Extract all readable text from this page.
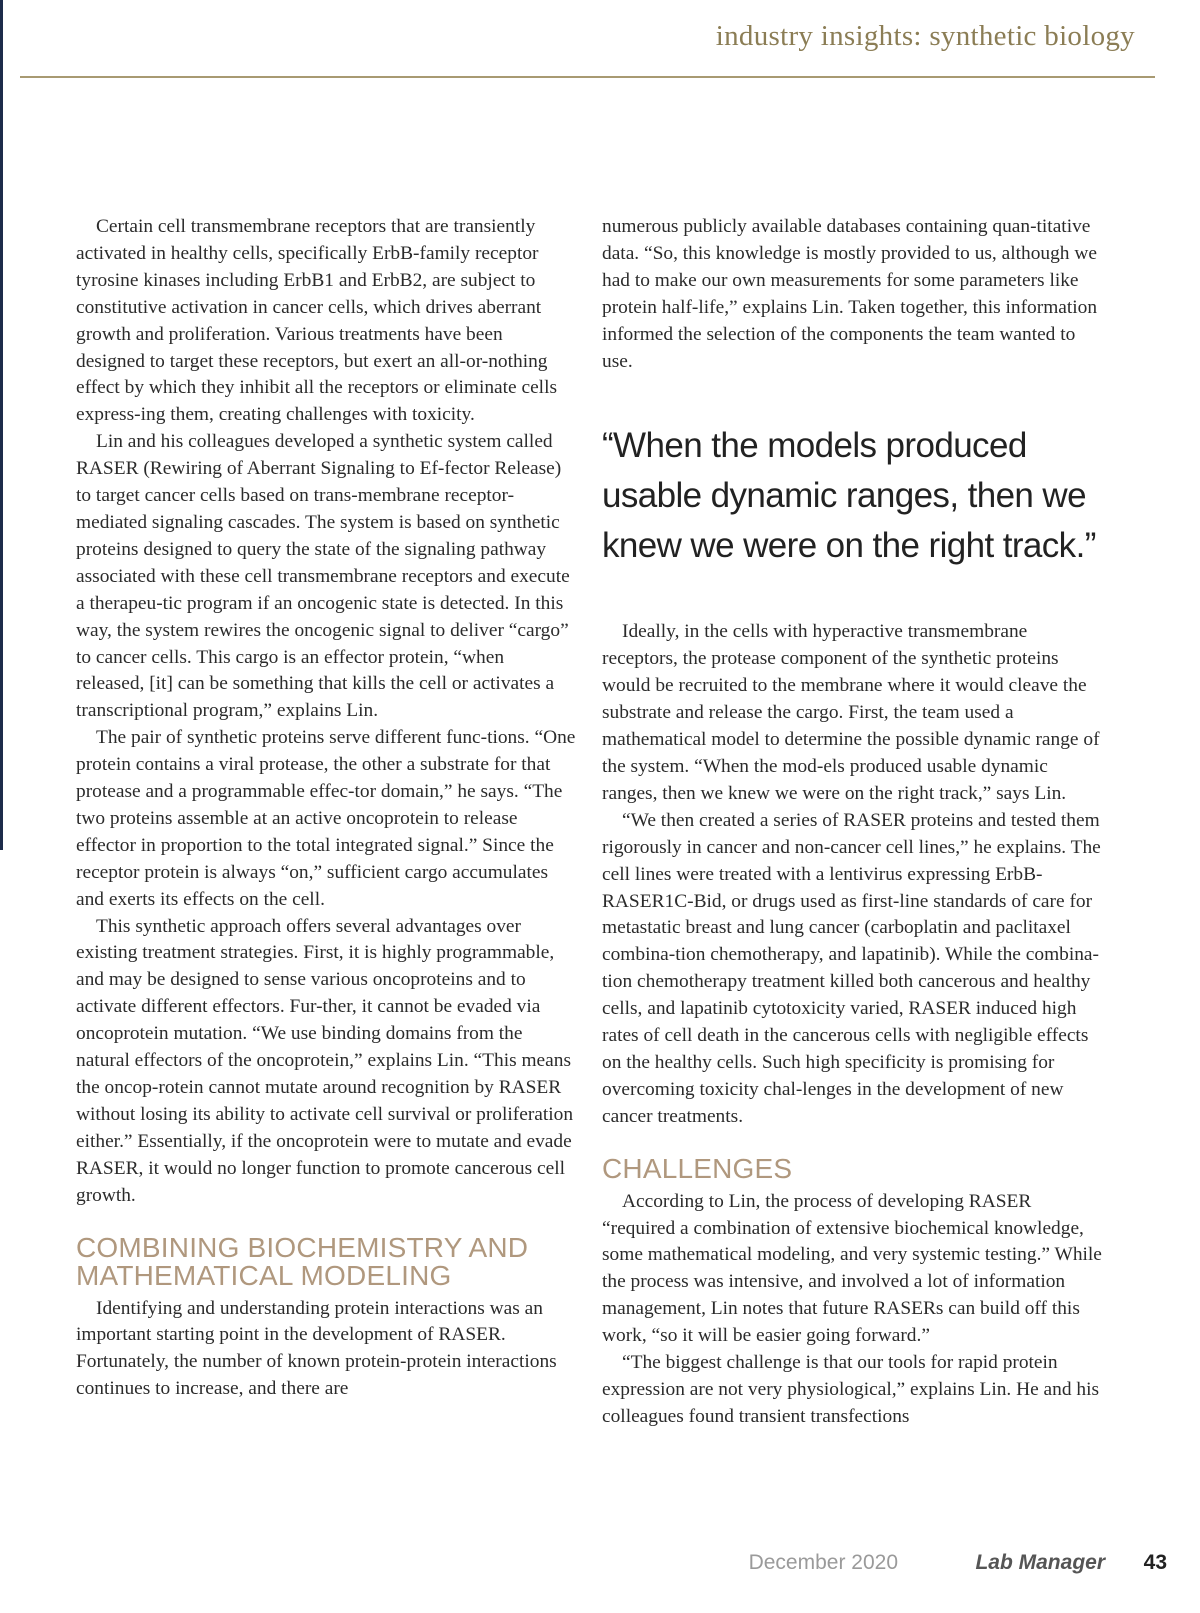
industry insights: synthetic biology

Certain cell transmembrane receptors that are transiently activated in healthy cells, specifically ErbB-family receptor tyrosine kinases including ErbB1 and ErbB2, are subject to constitutive activation in cancer cells, which drives aberrant growth and proliferation. Various treatments have been designed to target these receptors, but exert an all-or-nothing effect by which they inhibit all the receptors or eliminate cells express-ing them, creating challenges with toxicity.

Lin and his colleagues developed a synthetic system called RASER (Rewiring of Aberrant Signaling to Ef-fector Release) to target cancer cells based on trans-membrane receptor-mediated signaling cascades. The system is based on synthetic proteins designed to query the state of the signaling pathway associated with these cell transmembrane receptors and execute a therapeu-tic program if an oncogenic state is detected. In this way, the system rewires the oncogenic signal to deliver “cargo” to cancer cells. This cargo is an effector protein, “when released, [it] can be something that kills the cell or activates a transcriptional program,” explains Lin.

The pair of synthetic proteins serve different func-tions. “One protein contains a viral protease, the other a substrate for that protease and a programmable effec-tor domain,” he says. “The two proteins assemble at an active oncoprotein to release effector in proportion to the total integrated signal.” Since the receptor protein is always “on,” sufficient cargo accumulates and exerts its effects on the cell.

This synthetic approach offers several advantages over existing treatment strategies. First, it is highly programmable, and may be designed to sense various oncoproteins and to activate different effectors. Fur-ther, it cannot be evaded via oncoprotein mutation. “We use binding domains from the natural effectors of the oncoprotein,” explains Lin. “This means the oncop-rotein cannot mutate around recognition by RASER without losing its ability to activate cell survival or proliferation either.” Essentially, if the oncoprotein were to mutate and evade RASER, it would no longer function to promote cancerous cell growth.

COMBINING BIOCHEMISTRY AND MATHEMATICAL MODELING

Identifying and understanding protein interactions was an important starting point in the development of RASER. Fortunately, the number of known protein-protein interactions continues to increase, and there are

numerous publicly available databases containing quan-titative data. “So, this knowledge is mostly provided to us, although we had to make our own measurements for some parameters like protein half-life,” explains Lin. Taken together, this information informed the selection of the components the team wanted to use.

“When the models produced usable dynamic ranges, then we knew we were on the right track.”

Ideally, in the cells with hyperactive transmembrane receptors, the protease component of the synthetic proteins would be recruited to the membrane where it would cleave the substrate and release the cargo. First, the team used a mathematical model to determine the possible dynamic range of the system. “When the mod-els produced usable dynamic ranges, then we knew we were on the right track,” says Lin.

“We then created a series of RASER proteins and tested them rigorously in cancer and non-cancer cell lines,” he explains. The cell lines were treated with a lentivirus expressing ErbB-RASER1C-Bid, or drugs used as first-line standards of care for metastatic breast and lung cancer (carboplatin and paclitaxel combina-tion chemotherapy, and lapatinib). While the combina-tion chemotherapy treatment killed both cancerous and healthy cells, and lapatinib cytotoxicity varied, RASER induced high rates of cell death in the cancerous cells with negligible effects on the healthy cells. Such high specificity is promising for overcoming toxicity chal-lenges in the development of new cancer treatments.

CHALLENGES

According to Lin, the process of developing RASER “required a combination of extensive biochemical knowledge, some mathematical modeling, and very systemic testing.” While the process was intensive, and involved a lot of information management, Lin notes that future RASERs can build off this work, “so it will be easier going forward.”

“The biggest challenge is that our tools for rapid protein expression are not very physiological,” explains Lin. He and his colleagues found transient transfections

December 2020	Lab Manager 43
